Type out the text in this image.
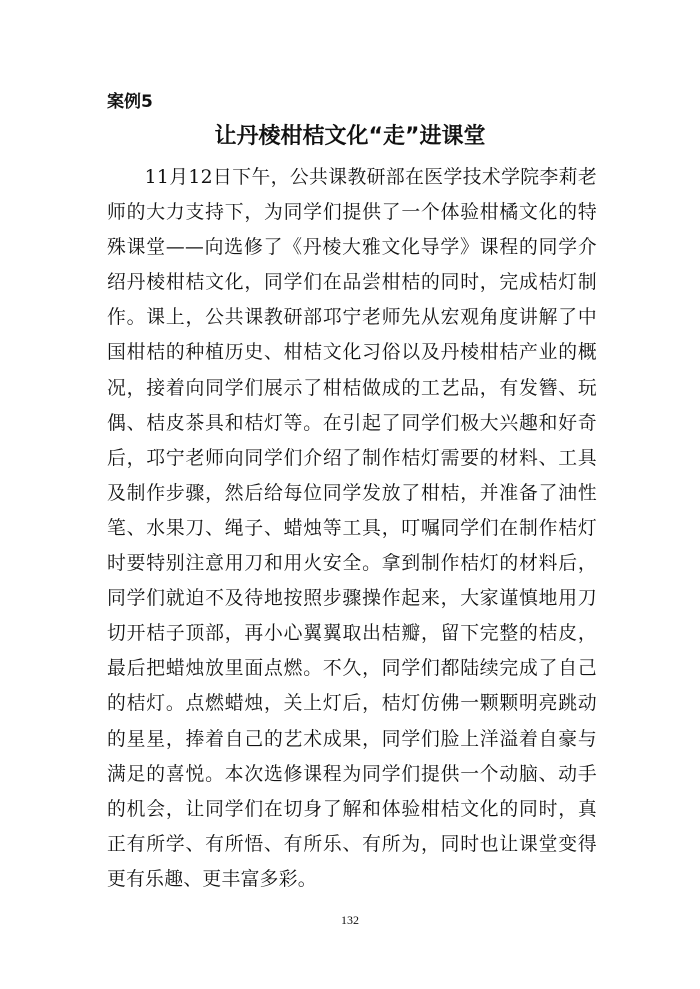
案例5
让丹棱柑桔文化“走”进课堂

11月12日下午，公共课教研部在医学技术学院李莉老师的大力支持下，为同学们提供了一个体验柑橘文化的特殊课堂——向选修了《丹棱大雅文化导学》课程的同学介绍丹棱柑桔文化，同学们在品尝柑桔的同时，完成桔灯制作。课上，公共课教研部邛宁老师先从宏观角度讲解了中国柑桔的种植历史、柑桔文化习俗以及丹棱柑桔产业的概况，接着向同学们展示了柑桔做成的工艺品，有发簪、玩偶、桔皮茶具和桔灯等。在引起了同学们极大兴趣和好奇后，邛宁老师向同学们介绍了制作桔灯需要的材料、工具及制作步骤，然后给每位同学发放了柑桔，并准备了油性笔、水果刀、绳子、蜡烛等工具，叮嘱同学们在制作桔灯时要特别注意用刀和用火安全。拿到制作桔灯的材料后，同学们就迫不及待地按照步骤操作起来，大家谨慎地用刀切开桔子顶部，再小心翼翼取出桔瓣，留下完整的桔皮，最后把蜡烛放里面点燃。不久，同学们都陆续完成了自己的桔灯。点燃蜡烛，关上灯后，桔灯仿佛一颗颗明亮跳动的星星，捧着自己的艺术成果，同学们脸上洋溢着自豪与满足的喜悦。本次选修课程为同学们提供一个动脑、动手的机会，让同学们在切身了解和体验柑桔文化的同时，真正有所学、有所悟、有所乐、有所为，同时也让课堂变得更有乐趣、更丰富多彩。

132
